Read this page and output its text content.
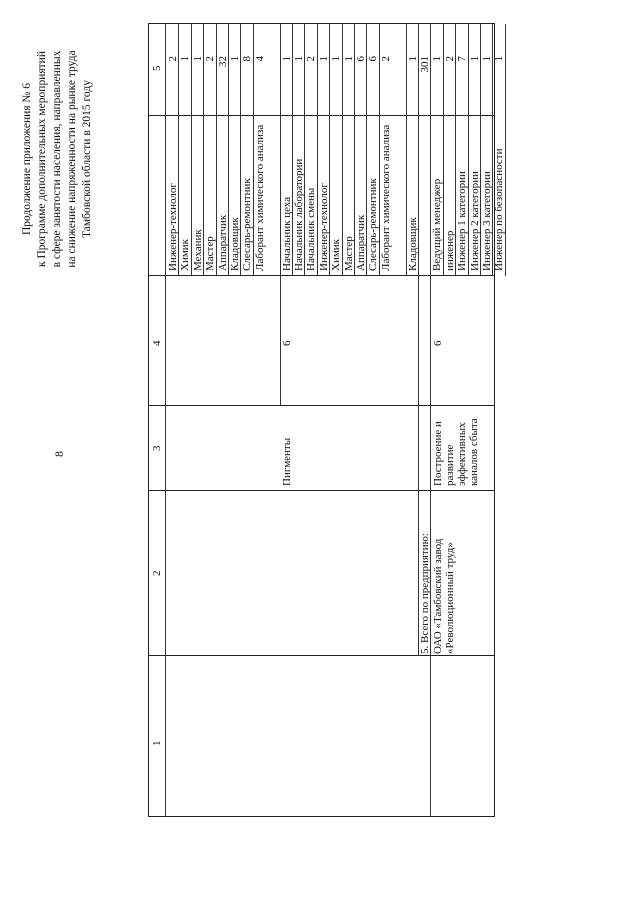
8
Продолжение приложения № 6 к Программе дополнительных мероприятий в сфере занятости населения, направленных на снижение напряженности на рынке труда Тамбовской области в 2015 году
1
2
3
4
5
Инженер-технолог
2
Химик
1
Механик
1
Мастер
2
Аппаратчик
32
Кладовщик
1
Слесарь-ремонтник
8
Лаборант химического анализа
4
Пигменты
6
Начальник цеха
1
Начальник лаборатории
1
Начальник смены
2
Инженер-технолог
1
Химик
1
Мастер
1
Аппаратчик
6
Слесарь-ремонтник
6
Лаборант химического анализа
2
Кладовщик
1
5. Всего по предприятию:
301
ОАО «Тамбовский завод «Революционный труд»
Построение и развитие эффективных каналов сбыта
6
Ведущий менеджер
1
инженер
2
Инженер 1 категории
7
Инженер 2 категории
1
Инженер 3 категории
1
Инженер по безопасности
1
